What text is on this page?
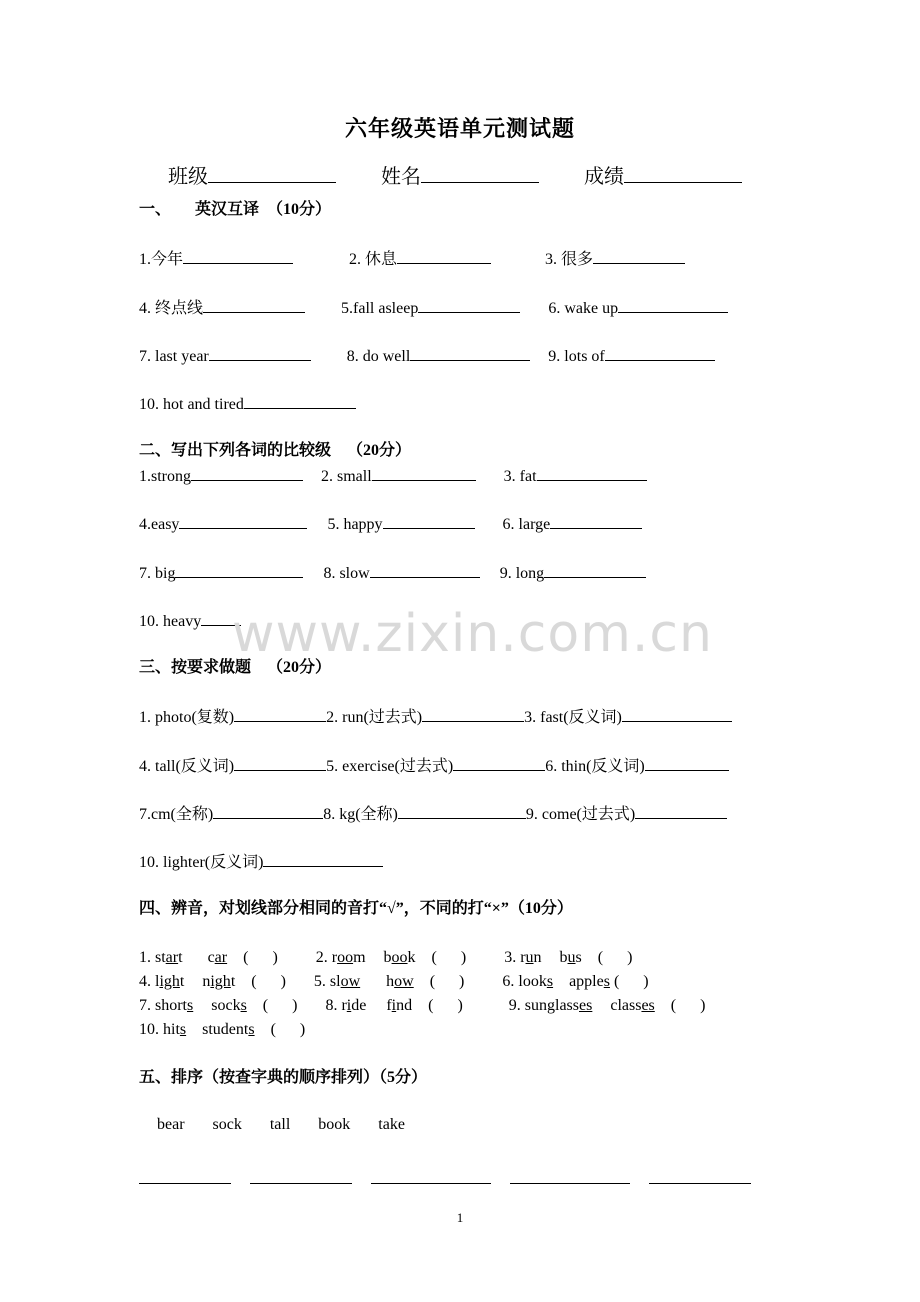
六年级英语单元测试题
班级	姓名	成绩
一、      英汉互译  （10分）
1.今年	2. 休息	3. 很多
4. 终点线	5.fall asleep	6. wake up
7. last year	8. do well	9. lots of
10. hot and tired
二、写出下列各词的比较级    （20分）
1.strong	2. small	3. fat
4.easy	5. happy	6. large
7. big	8. slow	9. long
10. heavy
三、按要求做题    （20分）
1. photo(复数)	2. run(过去式)	3. fast(反义词)
4. tall(反义词)	5. exercise(过去式)	6. thin(反义词)
7.cm(全称)	8. kg(全称)	9. come(过去式)
10. lighter(反义词)
四、辨音，对划线部分相同的音打“√”，不同的打“×”（10分）
1. start car (      ) 2. room book (      ) 3. run bus (      )
4. light night (      ) 5. slow how (      ) 6. looks apples (      )
7. shorts socks (      ) 8. ride find (      )	9. sunglasses classes (      )
10. hits students (      )
五、排序（按查字典的顺序排列）（5分）
bear sock tall book take
www.zixin.com.cn
1
